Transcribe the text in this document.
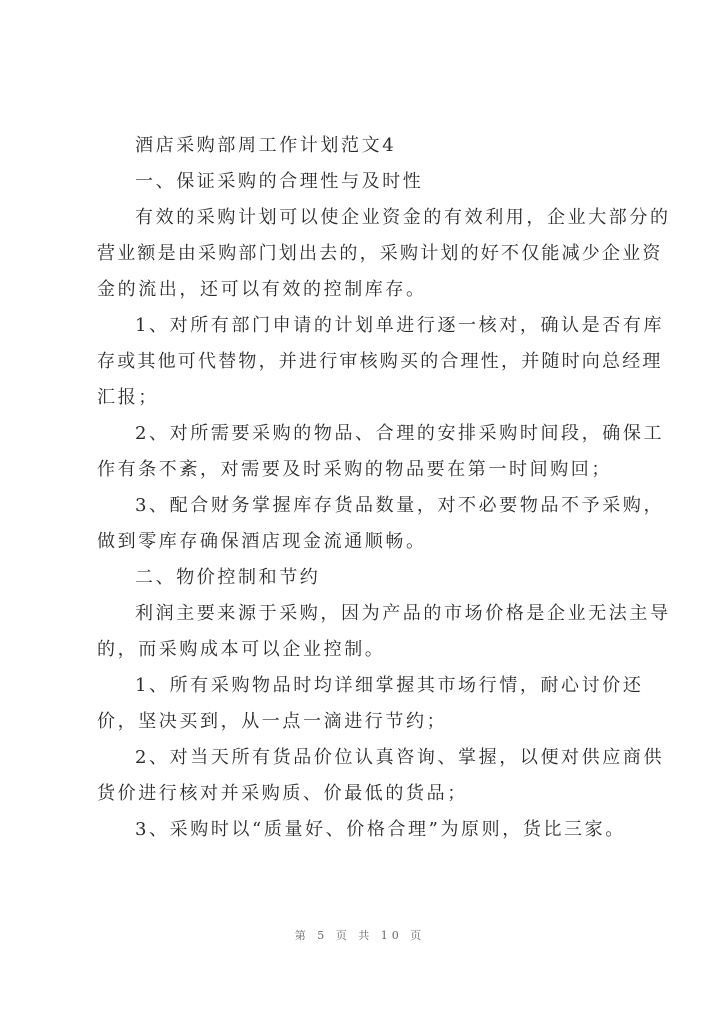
酒店采购部周工作计划范文4
一、保证采购的合理性与及时性
有效的采购计划可以使企业资金的有效利用，企业大部分的
营业额是由采购部门划出去的，采购计划的好不仅能减少企业资
金的流出，还可以有效的控制库存。
1、对所有部门申请的计划单进行逐一核对，确认是否有库
存或其他可代替物，并进行审核购买的合理性，并随时向总经理
汇报；
2、对所需要采购的物品、合理的安排采购时间段，确保工
作有条不紊，对需要及时采购的物品要在第一时间购回；
3、配合财务掌握库存货品数量，对不必要物品不予采购，
做到零库存确保酒店现金流通顺畅。
二、物价控制和节约
利润主要来源于采购，因为产品的市场价格是企业无法主导
的，而采购成本可以企业控制。
1、所有采购物品时均详细掌握其市场行情，耐心讨价还
价，坚决买到，从一点一滴进行节约；
2、对当天所有货品价位认真咨询、掌握，以便对供应商供
货价进行核对并采购质、价最低的货品；
3、采购时以“质量好、价格合理”为原则，货比三家。
第 5 页 共 10 页
